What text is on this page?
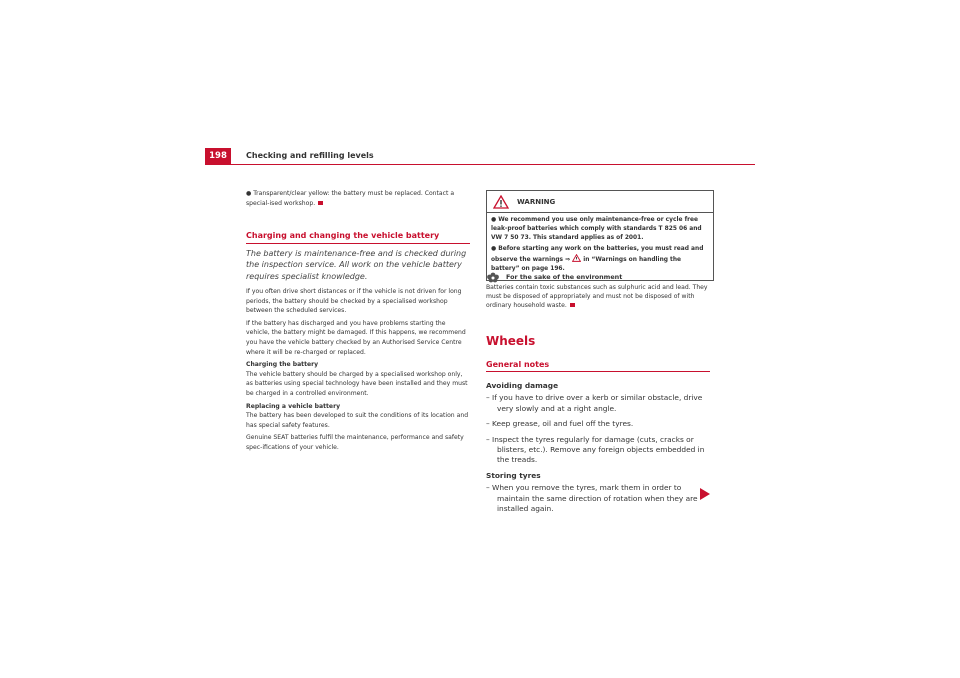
198	Checking and refilling levels

● Transparent/clear yellow: the battery must be replaced. Contact a special-ised workshop.

Charging and changing the vehicle battery

The battery is maintenance-free and is checked during the inspection service. All work on the vehicle battery requires specialist knowledge.

If you often drive short distances or if the vehicle is not driven for long periods, the battery should be checked by a specialised workshop between the scheduled services.

If the battery has discharged and you have problems starting the vehicle, the battery might be damaged. If this happens, we recommend you have the vehicle battery checked by an Authorised Service Centre where it will be re-charged or replaced.

Charging the battery

The vehicle battery should be charged by a specialised workshop only, as batteries using special technology have been installed and they must be charged in a controlled environment.

Replacing a vehicle battery

The battery has been developed to suit the conditions of its location and has special safety features.

Genuine SEAT batteries fulfil the maintenance, performance and safety spec-ifications of your vehicle.

WARNING

● We recommend you use only maintenance-free or cycle free leak-proof batteries which comply with standards T 825 06 and VW 7 50 73. This standard applies as of 2001.

● Before starting any work on the batteries, you must read and observe the warnings ⇒ in “Warnings on handling the battery” on page 196.

For the sake of the environment
Batteries contain toxic substances such as sulphuric acid and lead. They must be disposed of appropriately and must not be disposed of with ordinary household waste.
Wheels
General notes

Avoiding damage

– If you have to drive over a kerb or similar obstacle, drive very slowly and at a right angle.

– Keep grease, oil and fuel off the tyres.

– Inspect the tyres regularly for damage (cuts, cracks or blisters, etc.). Remove any foreign objects embedded in the treads.

Storing tyres

– When you remove the tyres, mark them in order to maintain the same direction of rotation when they are installed again.
